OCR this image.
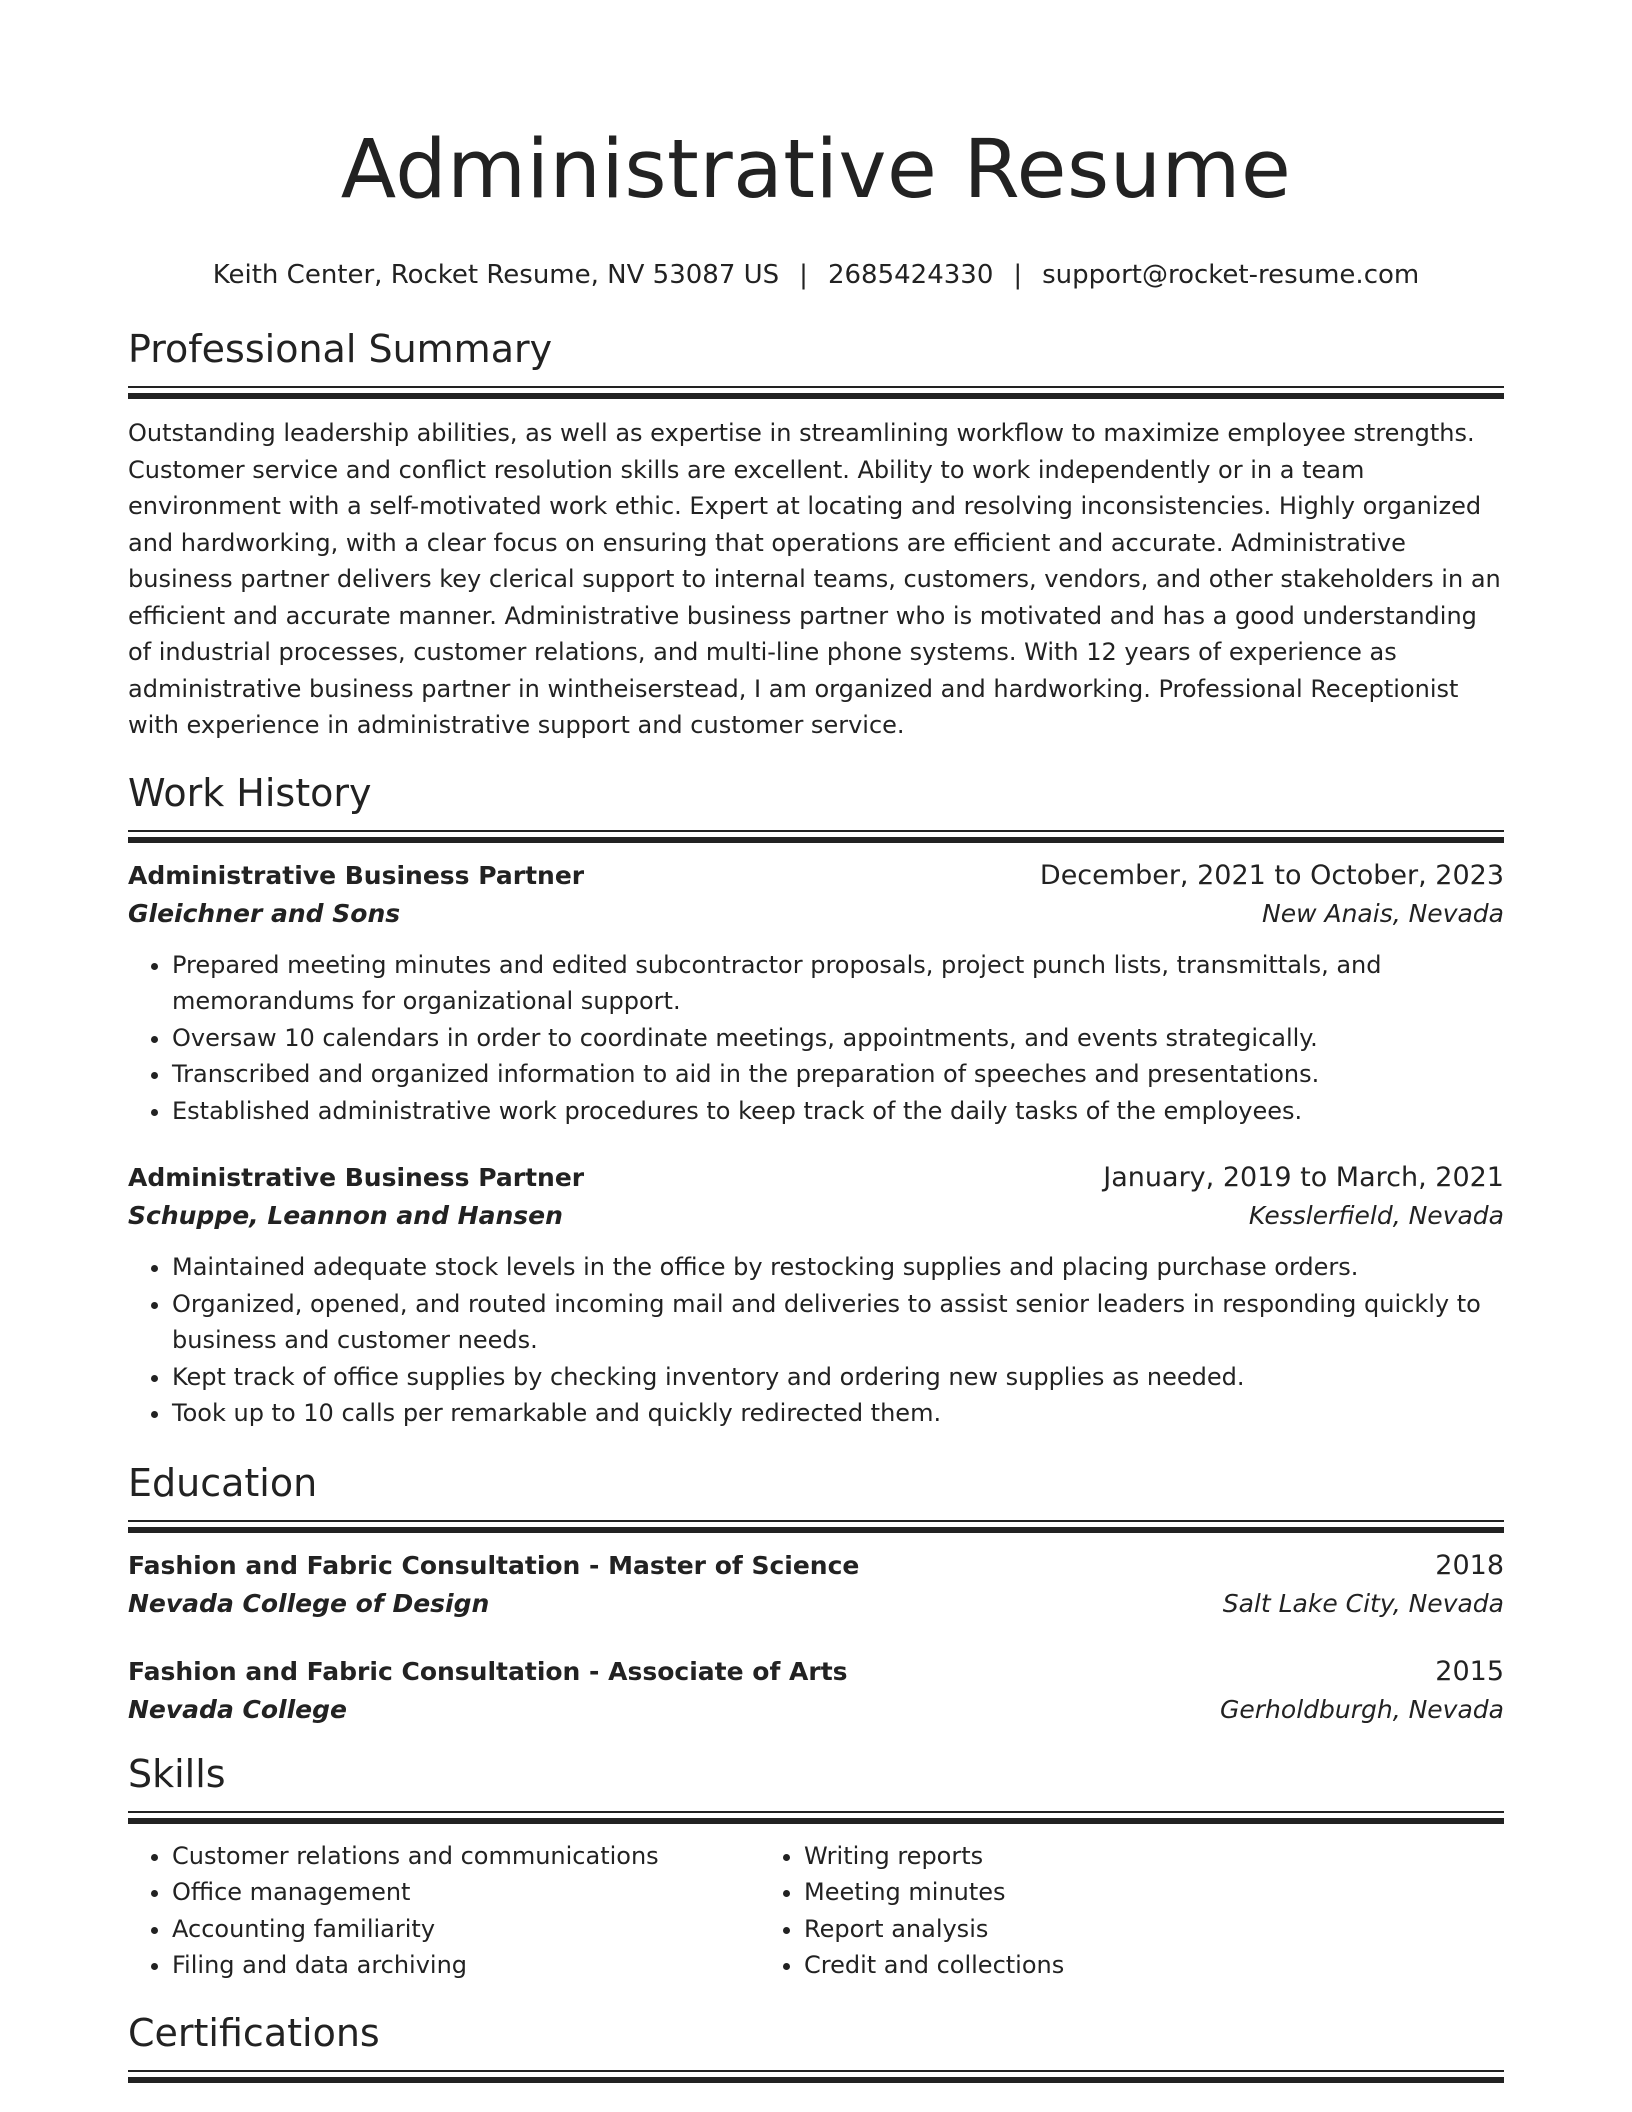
Administrative Resume
Keith Center, Rocket Resume, NV 53087 US | 2685424330 | support@rocket-resume.com
Professional Summary
Outstanding leadership abilities, as well as expertise in streamlining workflow to maximize employee strengths. Customer service and conflict resolution skills are excellent. Ability to work independently or in a team environment with a self-motivated work ethic. Expert at locating and resolving inconsistencies. Highly organized and hardworking, with a clear focus on ensuring that operations are efficient and accurate. Administrative business partner delivers key clerical support to internal teams, customers, vendors, and other stakeholders in an efficient and accurate manner. Administrative business partner who is motivated and has a good understanding of industrial processes, customer relations, and multi-line phone systems. With 12 years of experience as administrative business partner in wintheiserstead, I am organized and hardworking. Professional Receptionist with experience in administrative support and customer service.
Work History
Administrative Business Partner	December, 2021 to October, 2023
Gleichner and Sons	New Anais, Nevada
• Prepared meeting minutes and edited subcontractor proposals, project punch lists, transmittals, and memorandums for organizational support.
• Oversaw 10 calendars in order to coordinate meetings, appointments, and events strategically.
• Transcribed and organized information to aid in the preparation of speeches and presentations.
• Established administrative work procedures to keep track of the daily tasks of the employees.
Administrative Business Partner	January, 2019 to March, 2021
Schuppe, Leannon and Hansen	Kesslerfield, Nevada
• Maintained adequate stock levels in the office by restocking supplies and placing purchase orders.
• Organized, opened, and routed incoming mail and deliveries to assist senior leaders in responding quickly to business and customer needs.
• Kept track of office supplies by checking inventory and ordering new supplies as needed.
• Took up to 10 calls per remarkable and quickly redirected them.
Education
Fashion and Fabric Consultation - Master of Science	2018
Nevada College of Design	Salt Lake City, Nevada
Fashion and Fabric Consultation - Associate of Arts	2015
Nevada College	Gerholdburgh, Nevada
Skills
• Customer relations and communications
• Office management
• Accounting familiarity
• Filing and data archiving
• Writing reports
• Meeting minutes
• Report analysis
• Credit and collections
Certifications
